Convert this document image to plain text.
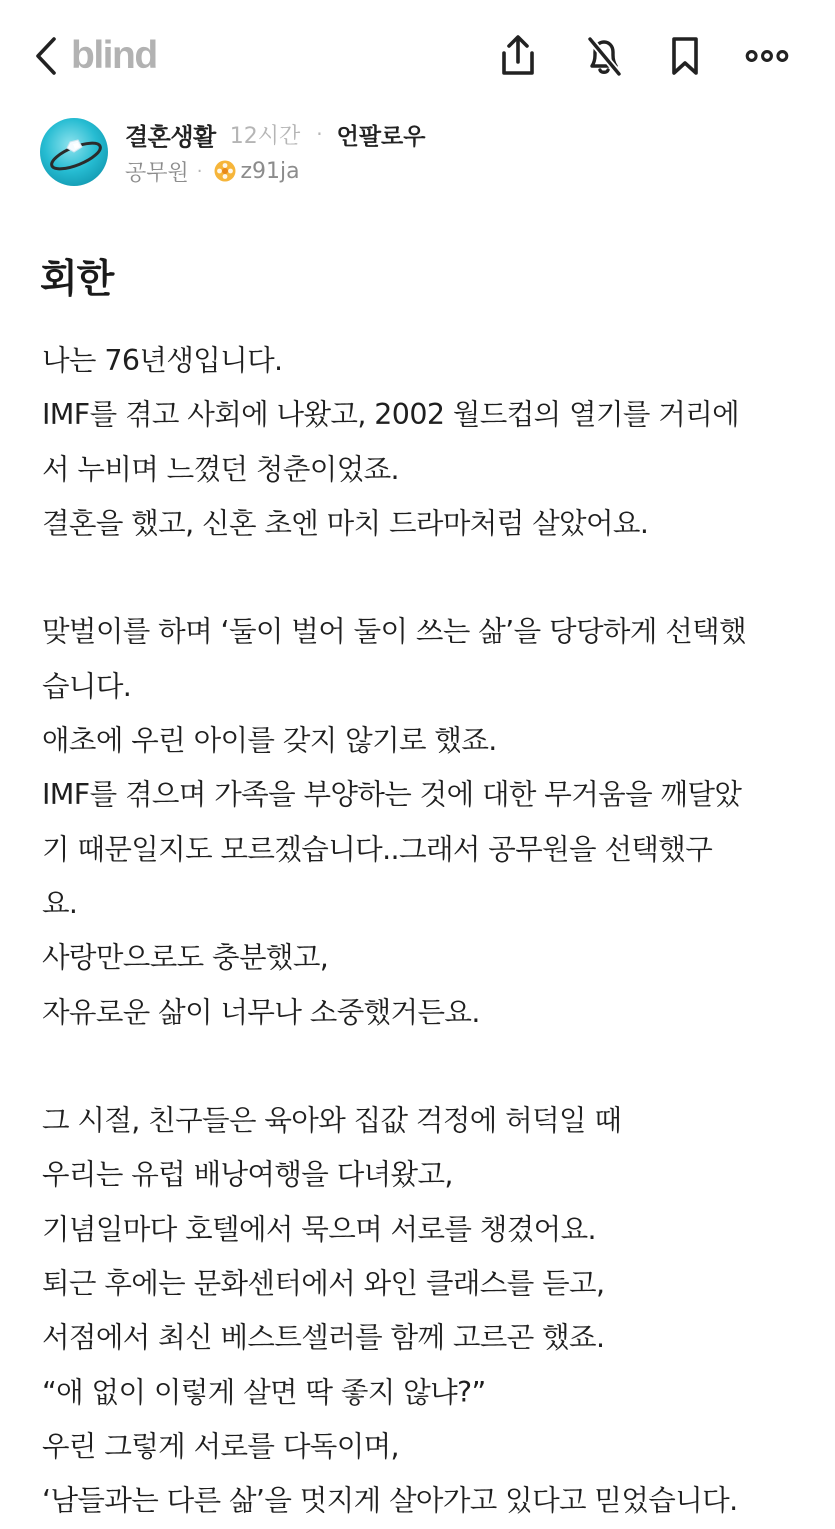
blind
결혼생활 12시간 · 언팔로우
공무원 · z91ja
회한

나는 76년생입니다.

IMF를 겪고 사회에 나왔고, 2002 월드컵의 열기를 거리에

서 누비며 느꼈던 청춘이었죠.

결혼을 했고, 신혼 초엔 마치 드라마처럼 살았어요.

맞벌이를 하며 ‘둘이 벌어 둘이 쓰는 삶’을 당당하게 선택했

습니다.

애초에 우린 아이를 갖지 않기로 했죠.

IMF를 겪으며 가족을 부양하는 것에 대한 무거움을 깨달았

기 때문일지도 모르겠습니다..그래서 공무원을 선택했구

요.

사랑만으로도 충분했고,

자유로운 삶이 너무나 소중했거든요.

그 시절, 친구들은 육아와 집값 걱정에 허덕일 때

우리는 유럽 배낭여행을 다녀왔고,

기념일마다 호텔에서 묵으며 서로를 챙겼어요.

퇴근 후에는 문화센터에서 와인 클래스를 듣고,

서점에서 최신 베스트셀러를 함께 고르곤 했죠.

“애 없이 이렇게 살면 딱 좋지 않냐?”

우린 그렇게 서로를 다독이며,

‘남들과는 다른 삶’을 멋지게 살아가고 있다고 믿었습니다.
